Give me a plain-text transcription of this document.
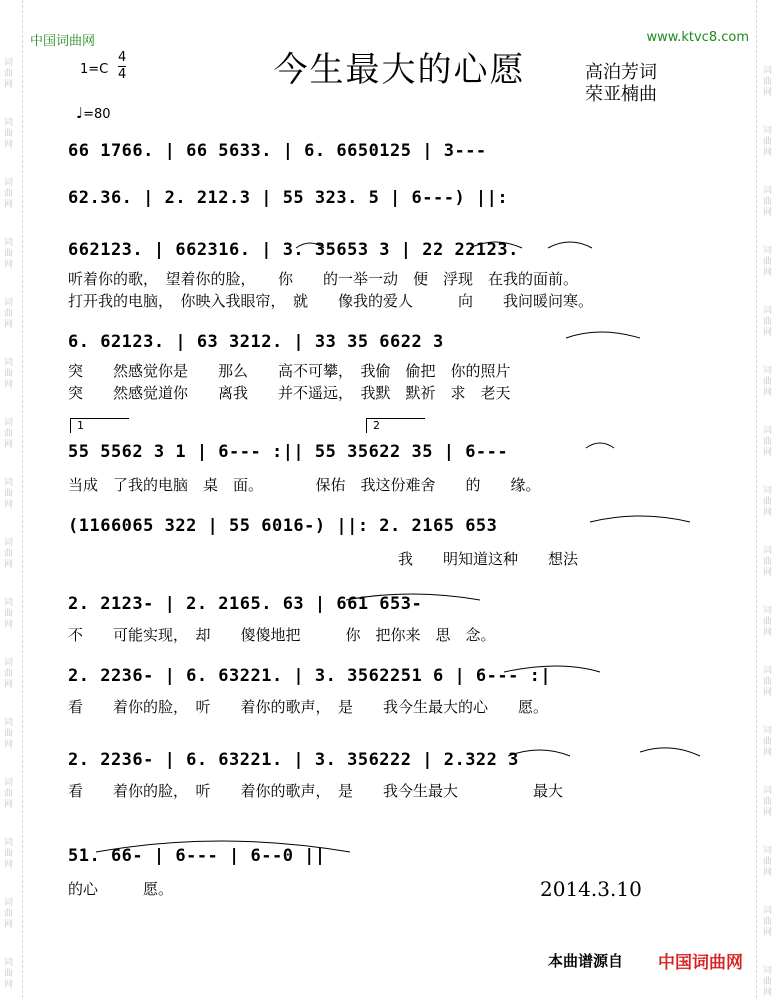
词曲网
词曲网
词曲网
词曲网
词曲网
词曲网
词曲网
词曲网
词曲网
词曲网
词曲网
词曲网
词曲网
词曲网
词曲网
词曲网
词曲网
词曲网
词曲网
词曲网
词曲网
词曲网
词曲网
词曲网
词曲网
词曲网
词曲网
词曲网
词曲网
词曲网
词曲网
词曲网
中国词曲网	www.ktvc8.com
今生最大的心愿	高泊芳词
荣亚楠曲
1=C
4
4
♩=80
1	2
66 1766. | 66 5633. | 6. 6650125 | 3---
62.36. | 2. 212.3 | 55 323. 5 | 6---) ||:
662123. | 662316. | 3. 35653 3 | 22 22123.
听着你的歌，　望着你的脸，　　你　　的一举一动　便　浮现　在我的面前。
打开我的电脑，　你映入我眼帘，　就　　像我的爱人　　　向　　我问暖问寒。
6. 62123. | 63 3212. | 33 35 6622 3
突　　然感觉你是　　那么　　高不可攀，　我偷　偷把　你的照片
突　　然感觉道你　　离我　　并不遥远，　我默　默祈　求　老天
55 5562 3 1 | 6--- :|| 55 35622 35 | 6---
当成　了我的电脑　桌　面。　　　　保佑　我这份难舍　　的　　缘。
(1166065 322 | 55 6016-) ||: 2. 2165 653
　　　　　　　　　　　　　　　　　　　　　　我　　明知道这种　　想法
2. 2123- | 2. 2165. 63 | 661 653-
不　　可能实现，　却　　傻傻地把　　　你　把你来　思　念。
2. 2236- | 6. 63221. | 3. 3562251 6 | 6--- :|
看　　着你的脸，　听　　着你的歌声，　是　　我今生最大的心　　愿。
2. 2236- | 6. 63221. | 3. 356222 | 2.322 3
看　　着你的脸，　听　　着你的歌声，　是　　我今生最大　　　　　最大
51. 66- | 6--- | 6--0 ||
的心　　　愿。	2014.3.10
本曲谱源自 中国词曲网
